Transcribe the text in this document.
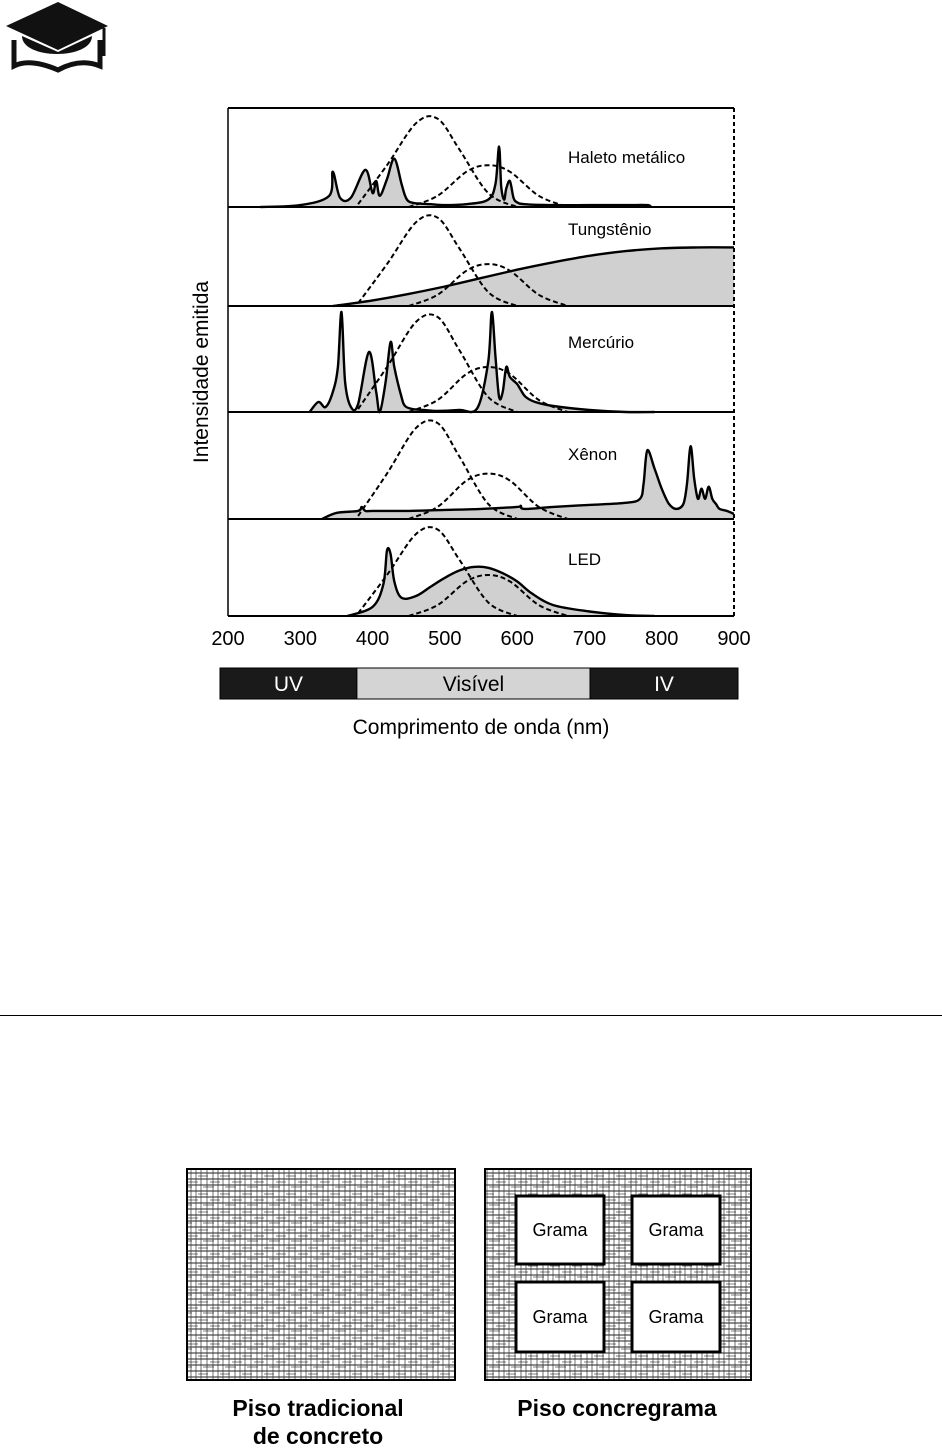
Haleto metálico
Tungstênio
Mercúrio
Xênon
LED
200 300 400 500 600 700 800 900
UV	Visível	IV
Intensidade emitida
Comprimento de onda (nm)
Grama	Grama
Grama	Grama
Piso tradicional
de concreto
Piso concregrama
